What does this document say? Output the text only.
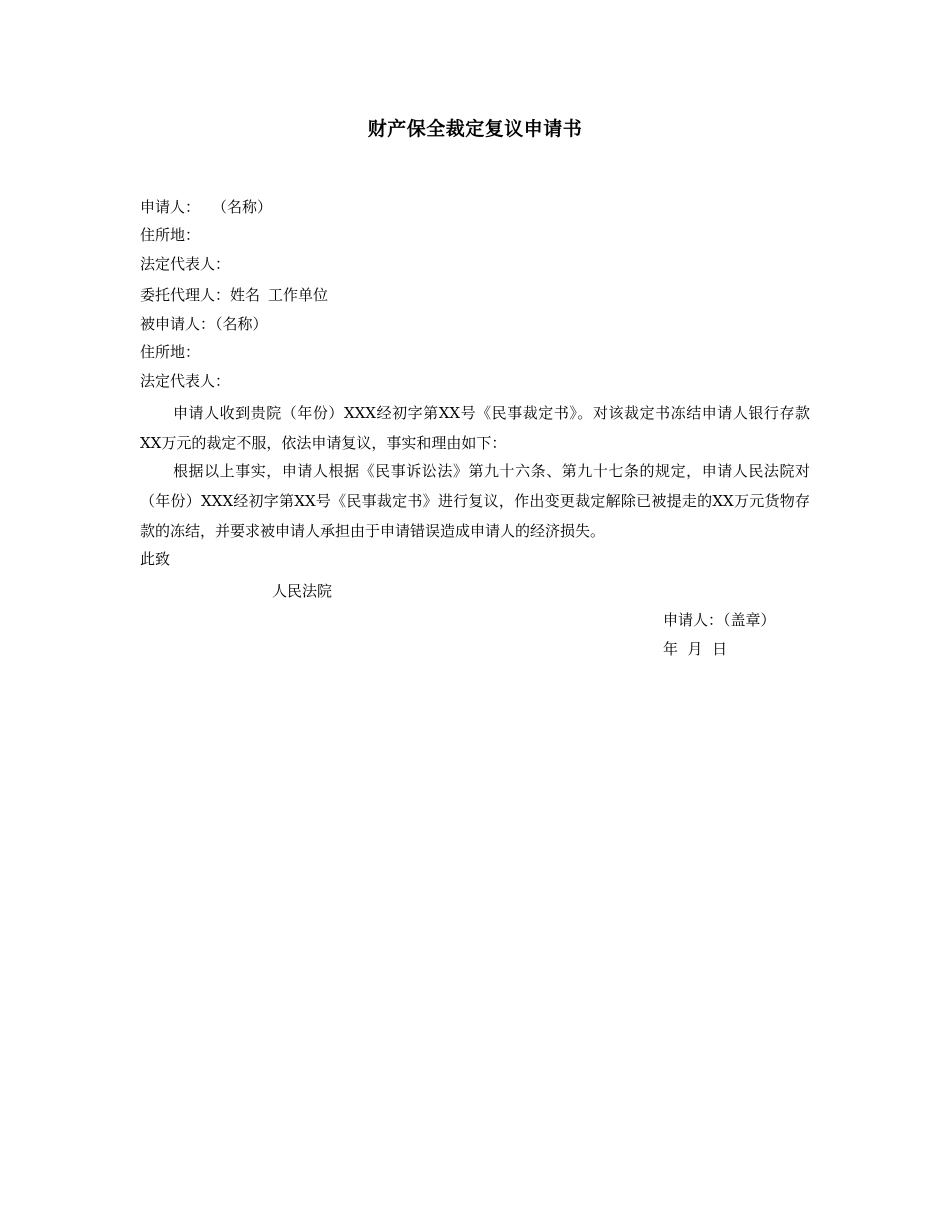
财产保全裁定复议申请书
申请人： （名称）
住所地：
法定代表人：
委托代理人：姓名 工作单位
被申请人：（名称）
住所地：
法定代表人：
申请人收到贵院（年份）XXX经初字第XX号《民事裁定书》。对该裁定书冻结申请人银行存款XX万元的裁定不服，依法申请复议，事实和理由如下：
根据以上事实，申请人根据《民事诉讼法》第九十六条、第九十七条的规定，申请人民法院对（年份）XXX经初字第XX号《民事裁定书》进行复议，作出变更裁定解除已被提走的XX万元货物存款的冻结，并要求被申请人承担由于申请错误造成申请人的经济损失。
此致
人民法院
申请人：（盖章）
年  月  日
